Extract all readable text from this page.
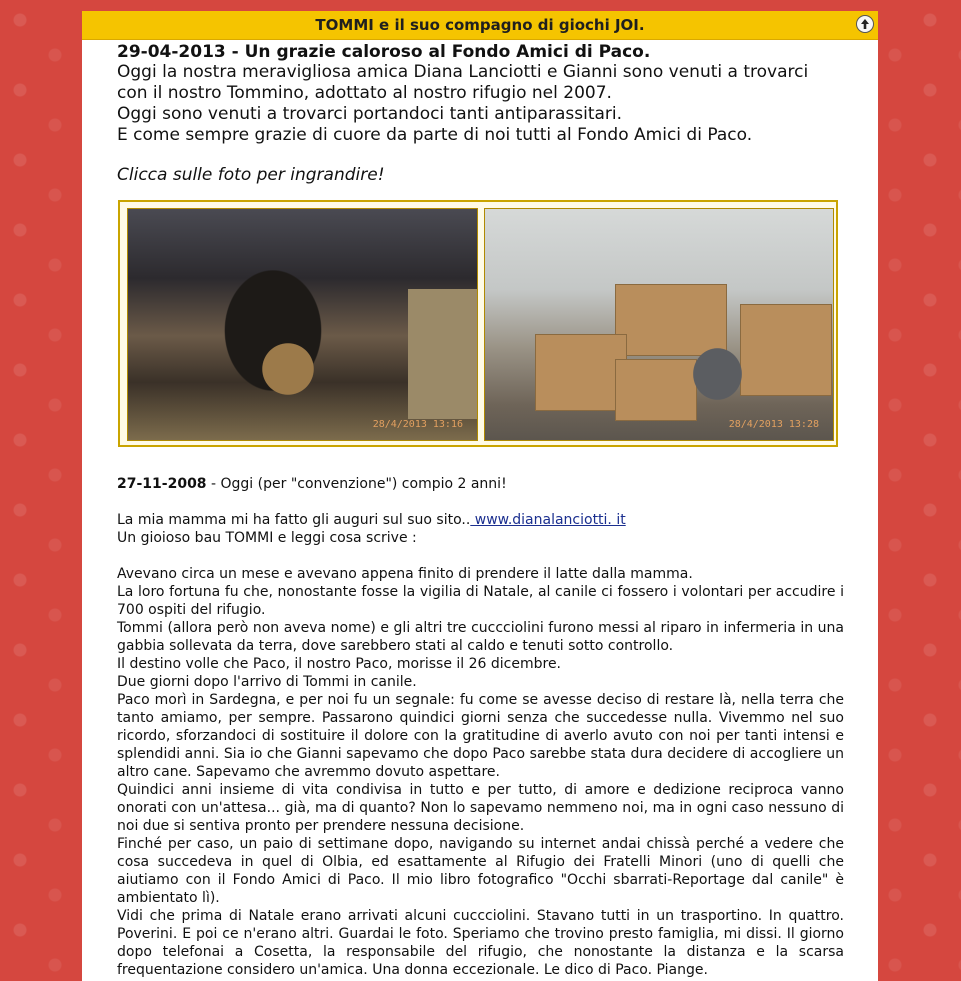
TOMMI e il suo compagno di giochi JOI.
29-04-2013 - Un grazie caloroso al Fondo Amici di Paco.

Oggi la nostra meravigliosa amica Diana Lanciotti e Gianni sono venuti a trovarci con il nostro Tommino, adottato al nostro rifugio nel 2007.

Oggi sono venuti a trovarci portandoci tanti antiparassitari.

E come sempre grazie di cuore da parte di noi tutti al Fondo Amici di Paco.

Clicca sulle foto per ingrandire!
28/4/2013 13:16	28/4/2013 13:28

27-11-2008 - Oggi (per "convenzione") compio 2 anni!

La mia mamma mi ha fatto gli auguri sul suo sito.. www.dianalanciotti. it

Un gioioso bau TOMMI e leggi cosa scrive :

Avevano circa un mese e avevano appena finito di prendere il latte dalla mamma.

La loro fortuna fu che, nonostante fosse la vigilia di Natale, al canile ci fossero i volontari per accudire i 700 ospiti del rifugio.

Tommi (allora però non aveva nome) e gli altri tre cuccciolini furono messi al riparo in infermeria in una gabbia sollevata da terra, dove sarebbero stati al caldo e tenuti sotto controllo.

Il destino volle che Paco, il nostro Paco, morisse il 26 dicembre.

Due giorni dopo l'arrivo di Tommi in canile.

Paco morì in Sardegna, e per noi fu un segnale: fu come se avesse deciso di restare là, nella terra che tanto amiamo, per sempre. Passarono quindici giorni senza che succedesse nulla. Vivemmo nel suo ricordo, sforzandoci di sostituire il dolore con la gratitudine di averlo avuto con noi per tanti intensi e splendidi anni. Sia io che Gianni sapevamo che dopo Paco sarebbe stata dura decidere di accogliere un altro cane. Sapevamo che avremmo dovuto aspettare.

Quindici anni insieme di vita condivisa in tutto e per tutto, di amore e dedizione reciproca vanno onorati con un'attesa... già, ma di quanto? Non lo sapevamo nemmeno noi, ma in ogni caso nessuno di noi due si sentiva pronto per prendere nessuna decisione.

Finché per caso, un paio di settimane dopo, navigando su internet andai chissà perché a vedere che cosa succedeva in quel di Olbia, ed esattamente al Rifugio dei Fratelli Minori (uno di quelli che aiutiamo con il Fondo Amici di Paco. Il mio libro fotografico "Occhi sbarrati-Reportage dal canile" è ambientato lì).

Vidi che prima di Natale erano arrivati alcuni cuccciolini. Stavano tutti in un trasportino. In quattro. Poverini. E poi ce n'erano altri. Guardai le foto. Speriamo che trovino presto famiglia, mi dissi. Il giorno dopo telefonai a Cosetta, la responsabile del rifugio, che nonostante la distanza e la scarsa frequentazione considero un'amica. Una donna eccezionale. Le dico di Paco. Piange.
